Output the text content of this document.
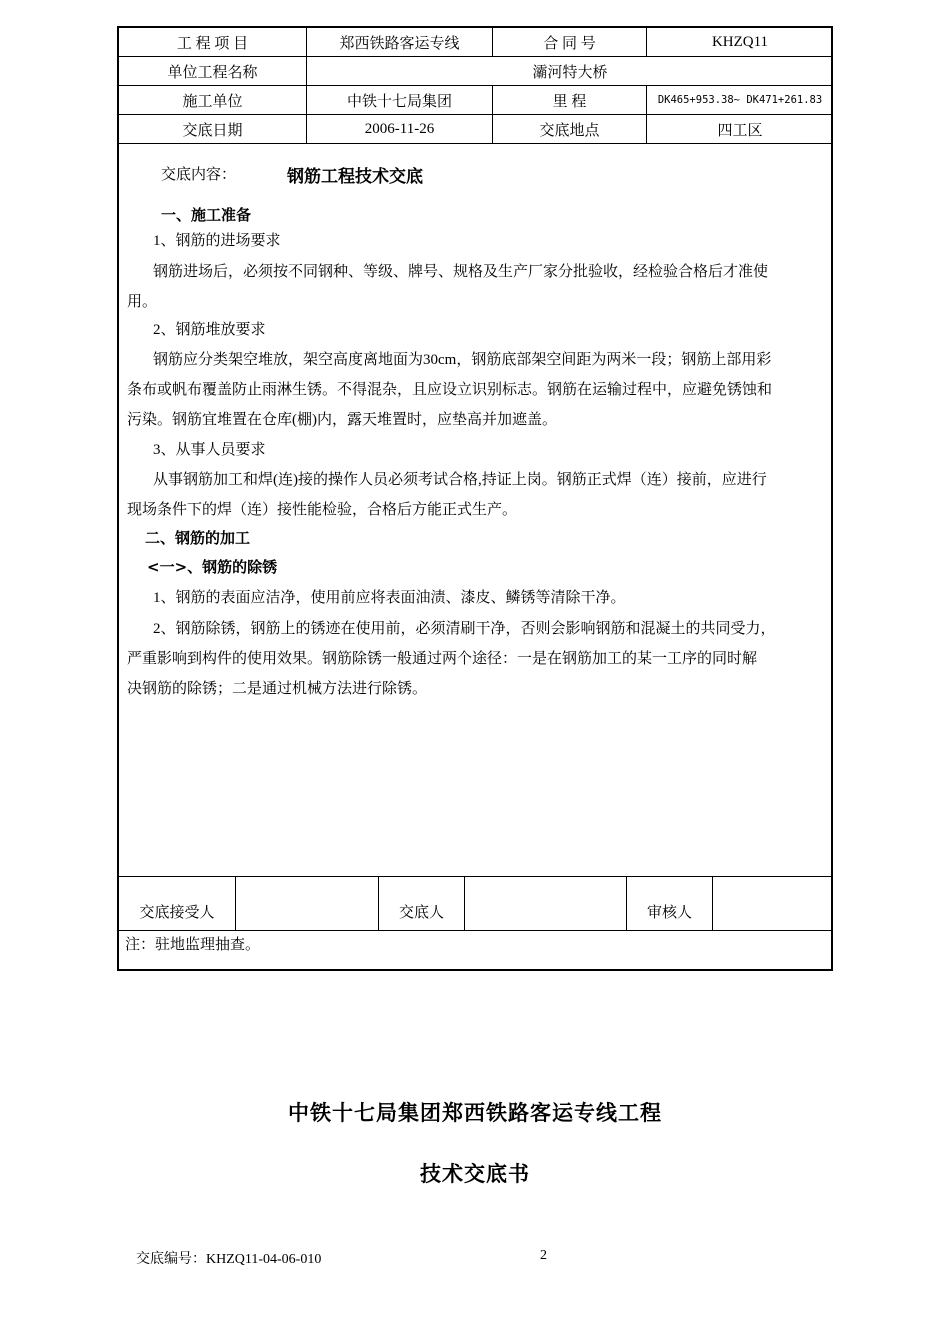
工 程 项 目	郑西铁路客运专线	合 同 号	KHZQ11
单位工程名称	灞河特大桥
施工单位	中铁十七局集团	里 程	DK465+953.38~ DK471+261.83
交底日期	2006-11-26	交底地点	四工区
交底内容：	钢筋工程技术交底
一、施工准备
1、钢筋的进场要求
钢筋进场后，必须按不同钢种、等级、牌号、规格及生产厂家分批验收，经检验合格后才准使
用。
2、钢筋堆放要求
钢筋应分类架空堆放，架空高度离地面为30cm，钢筋底部架空间距为两米一段；钢筋上部用彩
条布或帆布覆盖防止雨淋生锈。不得混杂，且应设立识别标志。钢筋在运输过程中，应避免锈蚀和
污染。钢筋宜堆置在仓库(棚)内，露天堆置时，应垫高并加遮盖。
3、从事人员要求
从事钢筋加工和焊(连)接的操作人员必须考试合格,持证上岗。钢筋正式焊（连）接前，应进行
现场条件下的焊（连）接性能检验，合格后方能正式生产。
二、钢筋的加工
<一>、钢筋的除锈
1、钢筋的表面应洁净，使用前应将表面油渍、漆皮、鳞锈等清除干净。
2、钢筋除锈，钢筋上的锈迹在使用前，必须清刷干净，否则会影响钢筋和混凝土的共同受力，
严重影响到构件的使用效果。钢筋除锈一般通过两个途径：一是在钢筋加工的某一工序的同时解
决钢筋的除锈；二是通过机械方法进行除锈。
交底接受人	交底人	审核人
注：驻地监理抽查。
中铁十七局集团郑西铁路客运专线工程
技术交底书
交底编号：KHZQ11-04-06-010	2
